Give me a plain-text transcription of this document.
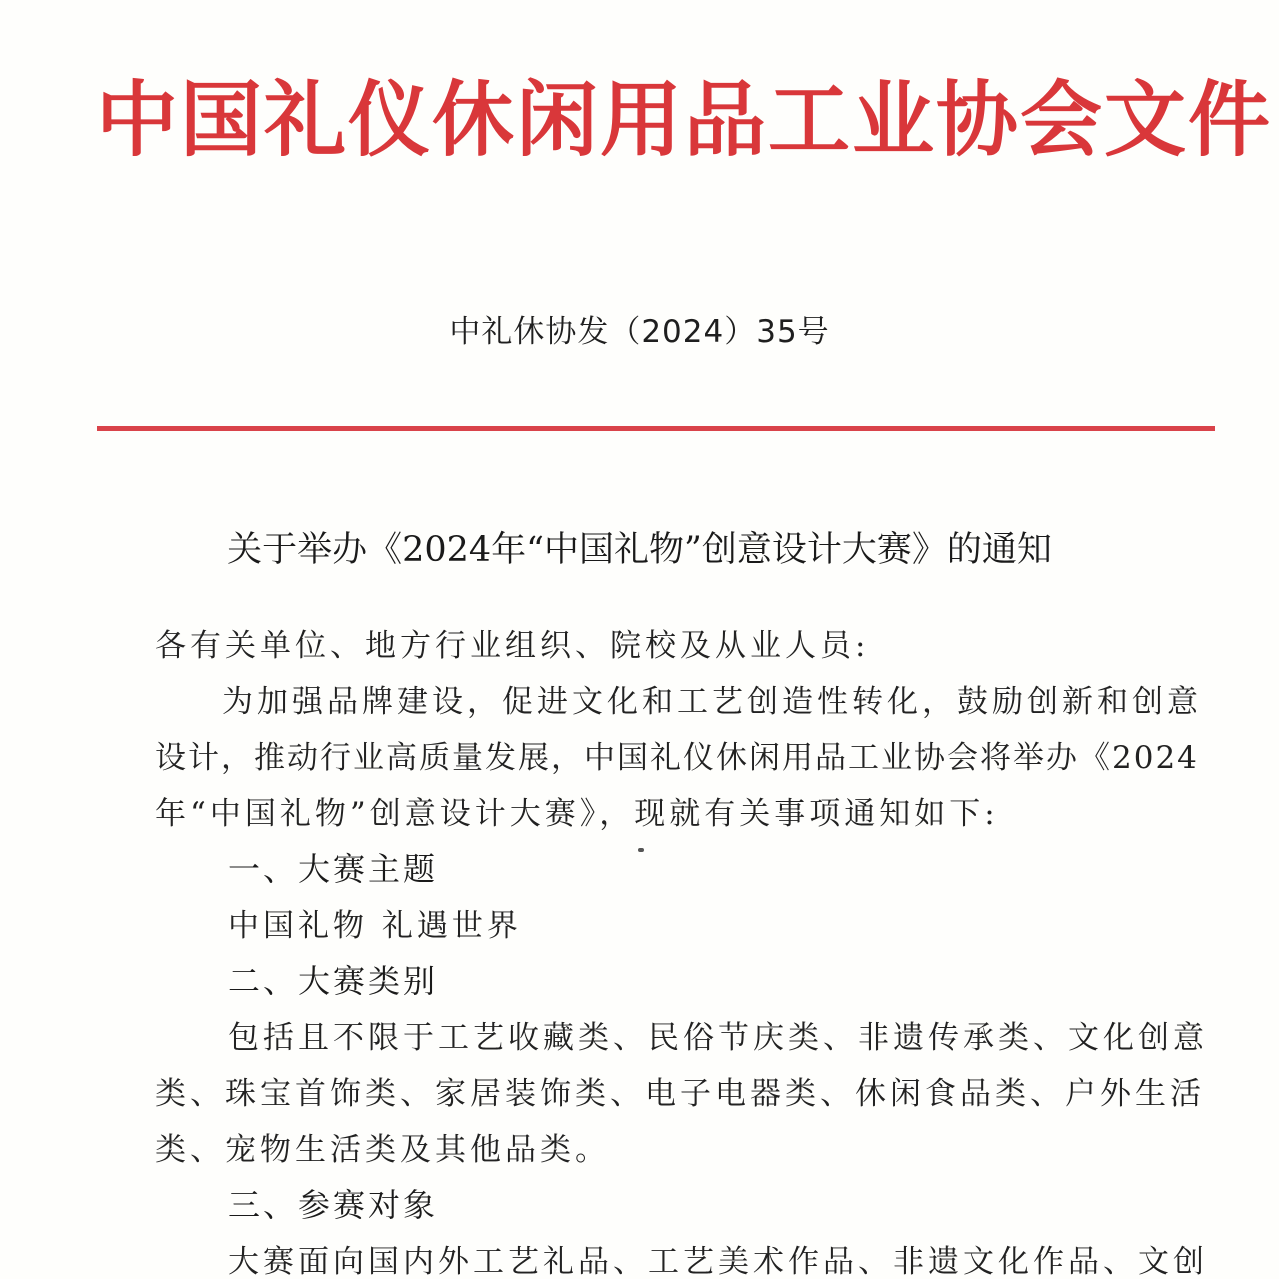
中国礼仪休闲用品工业协会文件
中礼休协发（2024）35号
关于举办《2024年“中国礼物”创意设计大赛》的通知
各有关单位、地方行业组织、院校及从业人员:
为加强品牌建设，促进文化和工艺创造性转化，鼓励创新和创意
设计，推动行业高质量发展，中国礼仪休闲用品工业协会将举办《2024
年“中国礼物”创意设计大赛》，现就有关事项通知如下:
一、大赛主题
中国礼物 礼遇世界
二、大赛类别
包括且不限于工艺收藏类、民俗节庆类、非遗传承类、文化创意
类、珠宝首饰类、家居装饰类、电子电器类、休闲食品类、户外生活
类、宠物生活类及其他品类。
三、参赛对象
大赛面向国内外工艺礼品、工艺美术作品、非遗文化作品、文创
